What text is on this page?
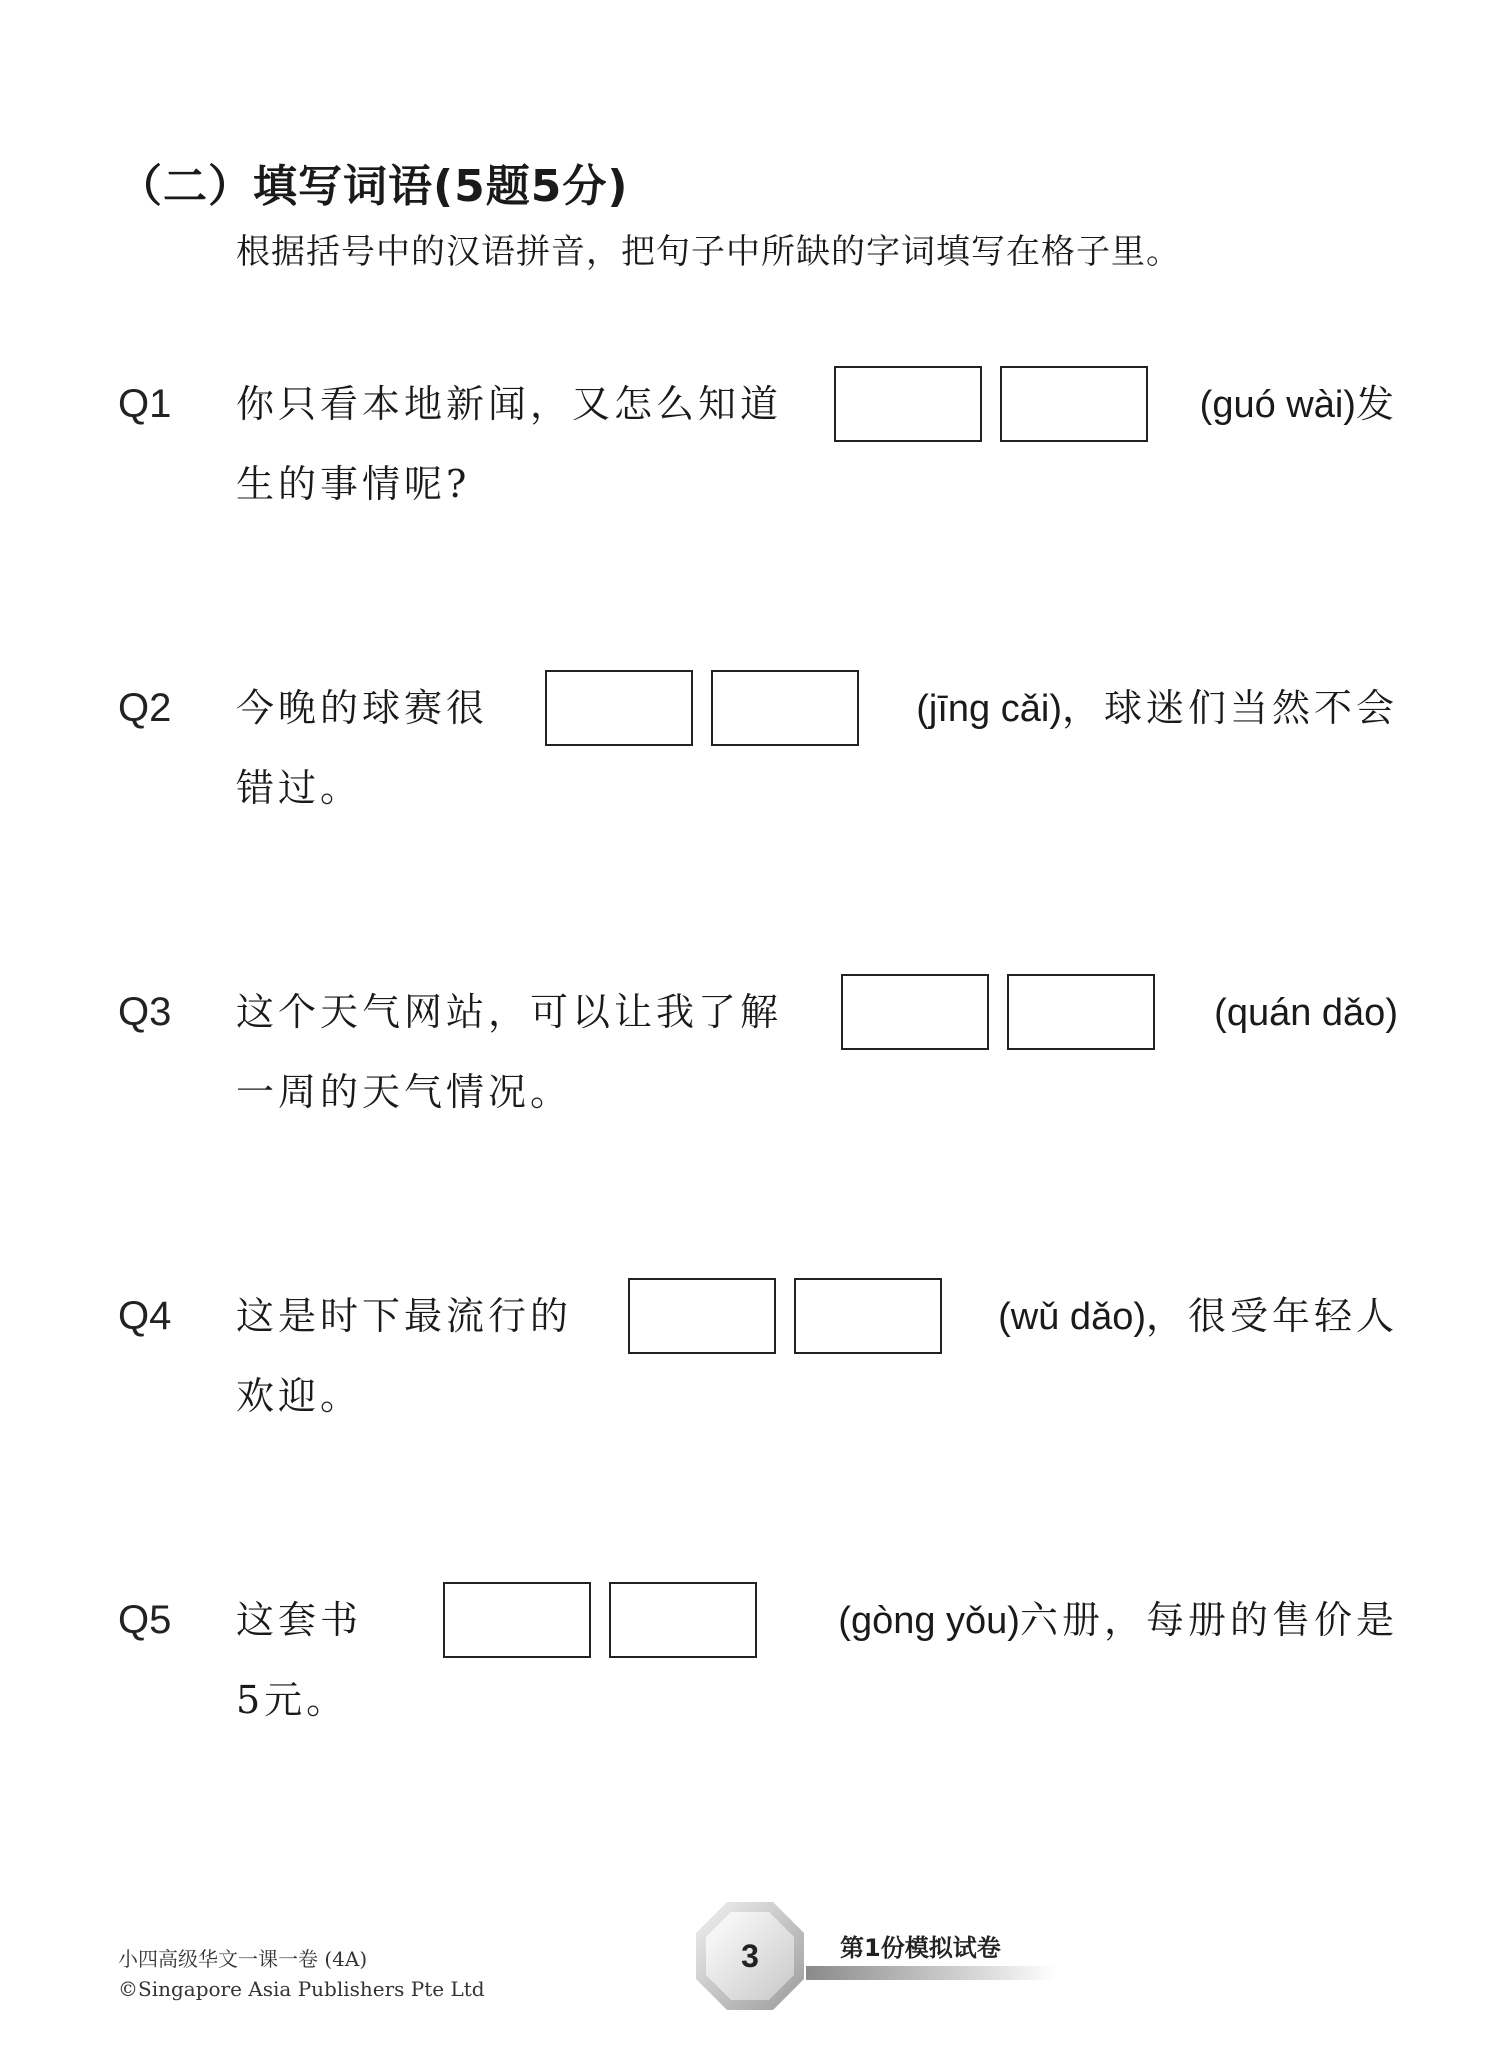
（二）填写词语(5题5分)
根据括号中的汉语拼音，把句子中所缺的字词填写在格子里。
Q1	你只看本地新闻，又怎么知道	(guó wài)发
生的事情呢?
Q2	今晚的球赛很	(jīng cǎi)，球迷们当然不会
错过。
Q3	这个天气网站，可以让我了解	(quán dǎo)
一周的天气情况。
Q4	这是时下最流行的	(wǔ dǎo)，很受年轻人
欢迎。
Q5	这套书	(gòng yǒu)六册，每册的售价是
5元。
小四高级华文一课一卷 (4A)
©Singapore Asia Publishers Pte Ltd
3	第1份模拟试卷
